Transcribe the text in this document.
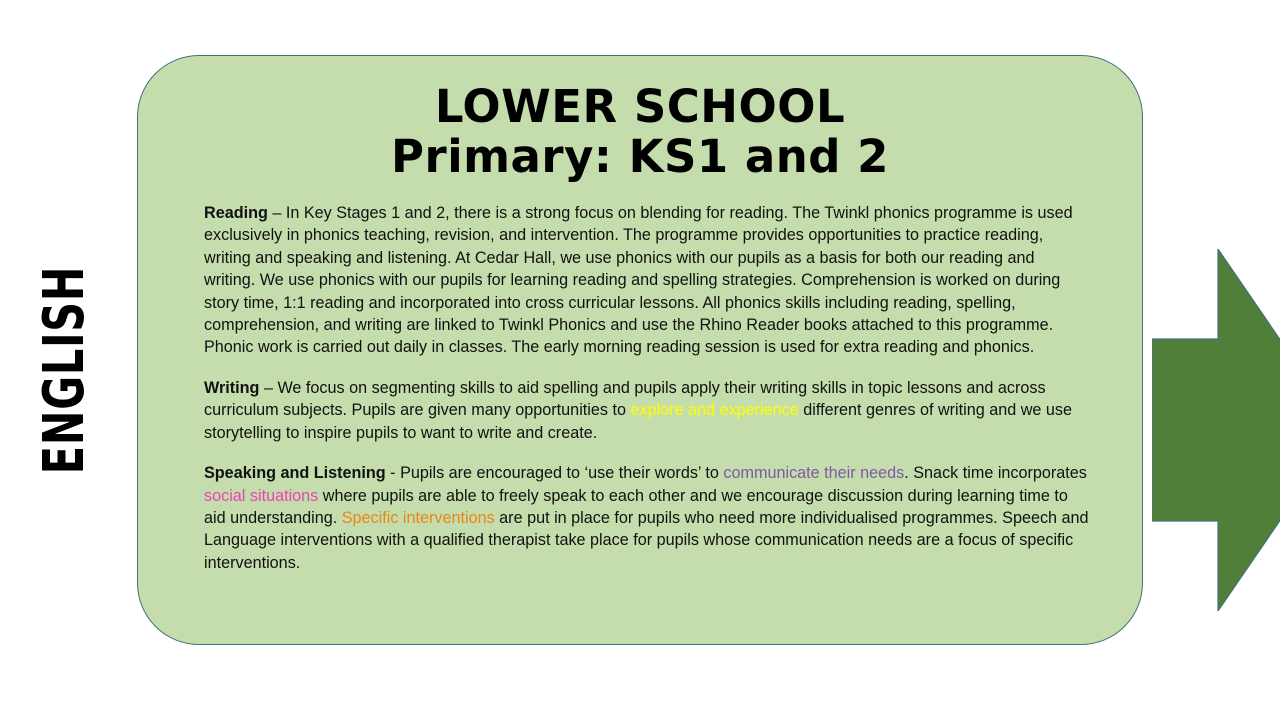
ENGLISH
LOWER SCHOOL
Primary: KS1 and 2

Reading – In Key Stages 1 and 2, there is a strong focus on blending for reading. The Twinkl phonics programme is used exclusively in phonics teaching, revision, and intervention. The programme provides opportunities to practice reading, writing and speaking and listening. At Cedar Hall, we use phonics with our pupils as a basis for both our reading and writing. We use phonics with our pupils for learning reading and spelling strategies. Comprehension is worked on during story time, 1:1 reading and incorporated into cross curricular lessons. All phonics skills including reading, spelling, comprehension, and writing are linked to Twinkl Phonics and use the Rhino Reader books attached to this programme. Phonic work is carried out daily in classes. The early morning reading session is used for extra reading and phonics.

Writing – We focus on segmenting skills to aid spelling and pupils apply their writing skills in topic lessons and across curriculum subjects. Pupils are given many opportunities to explore and experience different genres of writing and we use storytelling to inspire pupils to want to write and create.

Speaking and Listening - Pupils are encouraged to ‘use their words’ to communicate their needs. Snack time incorporates social situations where pupils are able to freely speak to each other and we encourage discussion during learning time to aid understanding. Specific interventions are put in place for pupils who need more individualised programmes. Speech and Language interventions with a qualified therapist take place for pupils whose communication needs are a focus of specific interventions.
